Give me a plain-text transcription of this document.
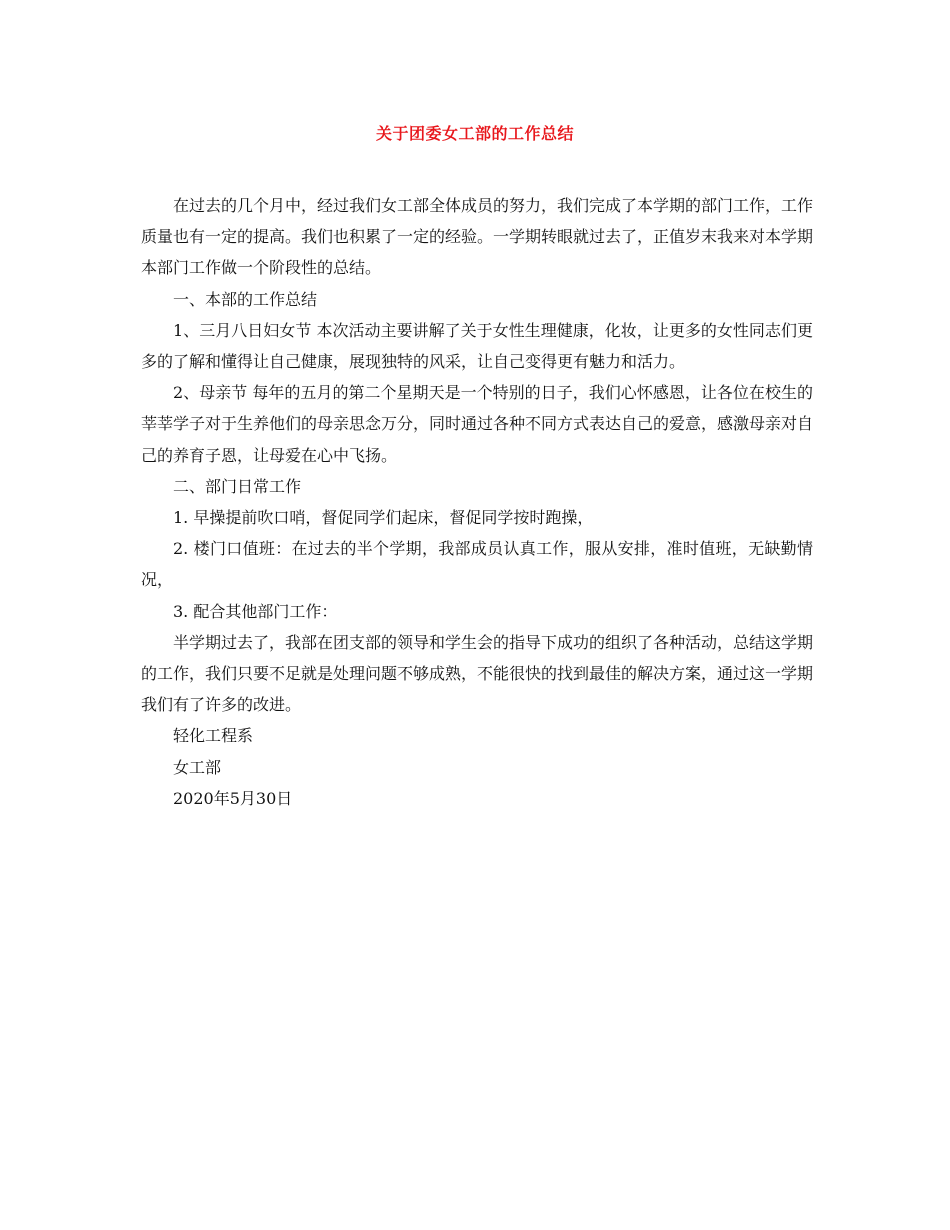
关于团委女工部的工作总结

在过去的几个月中，经过我们女工部全体成员的努力，我们完成了本学期的部门工作，工作质量也有一定的提高。我们也积累了一定的经验。一学期转眼就过去了，正值岁末我来对本学期本部门工作做一个阶段性的总结。

一、本部的工作总结

1、三月八日妇女节 本次活动主要讲解了关于女性生理健康，化妆，让更多的女性同志们更多的了解和懂得让自己健康，展现独特的风采，让自己变得更有魅力和活力。

2、母亲节 每年的五月的第二个星期天是一个特别的日子，我们心怀感恩，让各位在校生的莘莘学子对于生养他们的母亲思念万分，同时通过各种不同方式表达自己的爱意，感激母亲对自己的养育子恩，让母爱在心中飞扬。

二、部门日常工作

1. 早操提前吹口哨，督促同学们起床，督促同学按时跑操，

2. 楼门口值班：在过去的半个学期，我部成员认真工作，服从安排，准时值班，无缺勤情况，

3. 配合其他部门工作：

半学期过去了，我部在团支部的领导和学生会的指导下成功的组织了各种活动，总结这学期的工作，我们只要不足就是处理问题不够成熟，不能很快的找到最佳的解决方案，通过这一学期我们有了许多的改进。

轻化工程系

女工部

2020年5月30日
